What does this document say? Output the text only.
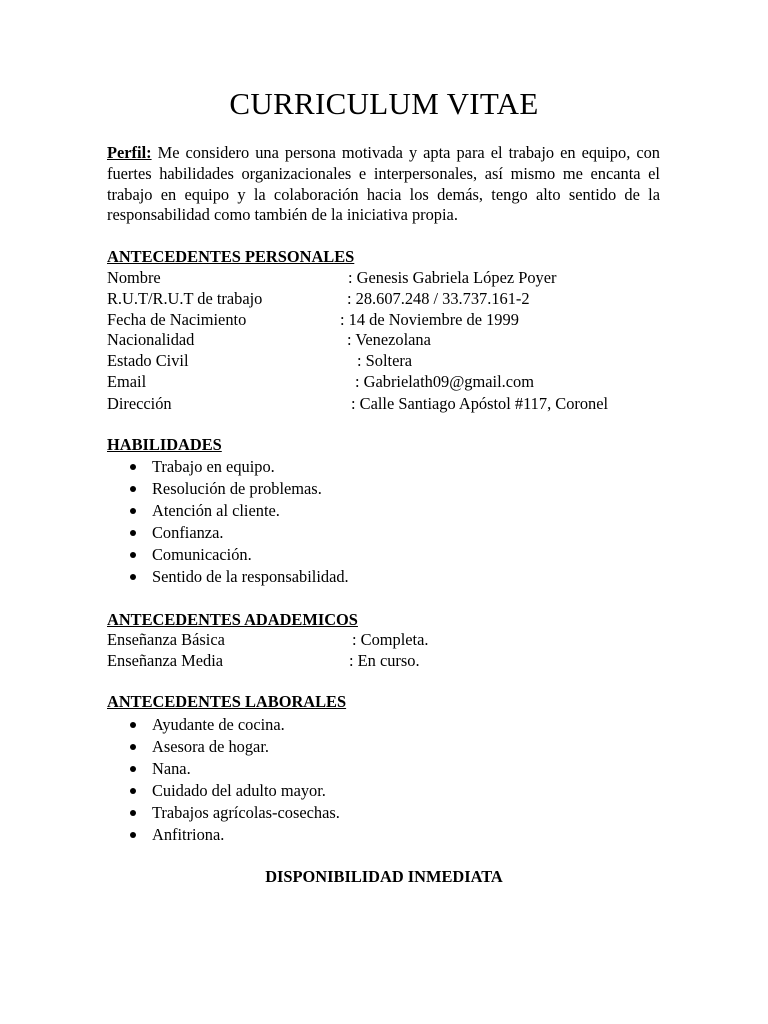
CURRICULUM VITAE

Perfil: Me considero una persona motivada y apta para el trabajo en equipo, con fuertes habilidades organizacionales e interpersonales, así mismo me encanta el trabajo en equipo y la colaboración hacia los demás, tengo alto sentido de la responsabilidad como también de la iniciativa propia.

ANTECEDENTES PERSONALES
Nombre	: Genesis Gabriela López Poyer
R.U.T/R.U.T de trabajo	: 28.607.248 / 33.737.161-2
Fecha de Nacimiento	: 14 de Noviembre de 1999
Nacionalidad	: Venezolana
Estado Civil	: Soltera
Email	: Gabrielath09@gmail.com
Dirección	: Calle Santiago Apóstol #117, Coronel
HABILIDADES
Trabajo en equipo.
Resolución de problemas.
Atención al cliente.
Confianza.
Comunicación.
Sentido de la responsabilidad.
ANTECEDENTES ADADEMICOS
Enseñanza Básica	: Completa.
Enseñanza Media	: En curso.
ANTECEDENTES LABORALES
Ayudante de cocina.
Asesora de hogar.
Nana.
Cuidado del adulto mayor.
Trabajos agrícolas-cosechas.
Anfitriona.

DISPONIBILIDAD INMEDIATA
